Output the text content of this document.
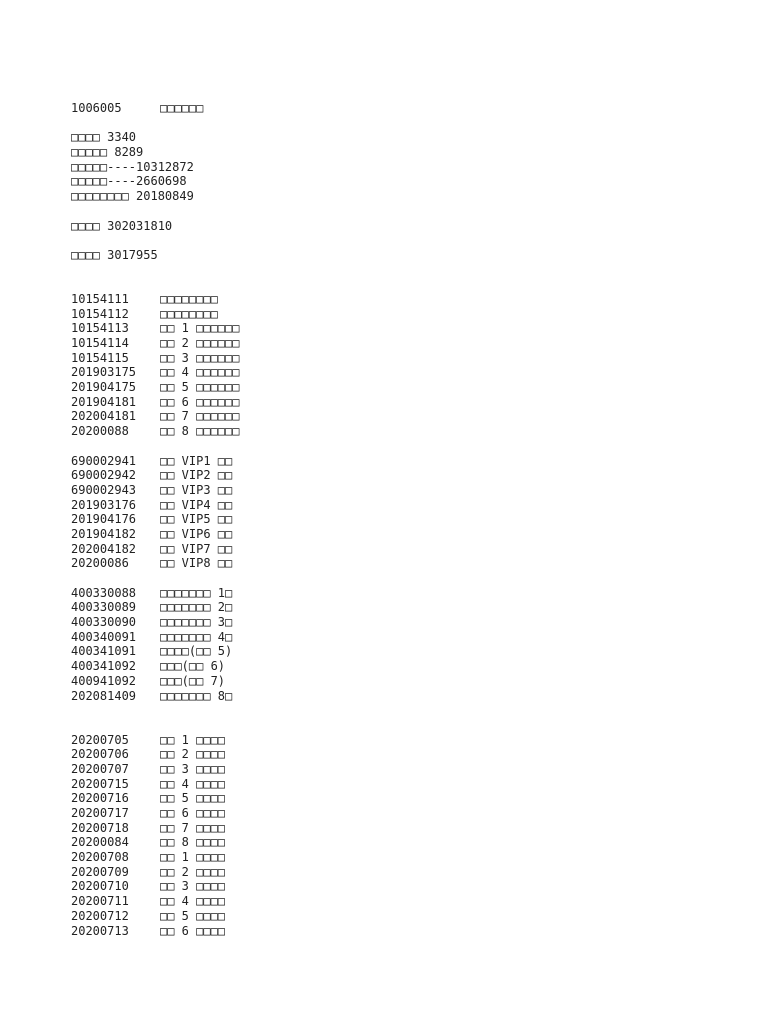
1006005	□□□□□□
□□□□ 3340
□□□□□ 8289
□□□□□----10312872
□□□□□----2660698
□□□□□□□□ 20180849
□□□□ 302031810
□□□□ 3017955
10154111	□□□□□□□□
10154112	□□□□□□□□
10154113	□□ 1 □□□□□□
10154114	□□ 2 □□□□□□
10154115	□□ 3 □□□□□□
201903175	□□ 4 □□□□□□
201904175	□□ 5 □□□□□□
201904181	□□ 6 □□□□□□
202004181	□□ 7 □□□□□□
20200088	□□ 8 □□□□□□
690002941	□□ VIP1 □□
690002942	□□ VIP2 □□
690002943	□□ VIP3 □□
201903176	□□ VIP4 □□
201904176	□□ VIP5 □□
201904182	□□ VIP6 □□
202004182	□□ VIP7 □□
20200086	□□ VIP8 □□
400330088	□□□□□□□ 1□
400330089	□□□□□□□ 2□
400330090	□□□□□□□ 3□
400340091	□□□□□□□ 4□
400341091	□□□□(□□ 5)
400341092	□□□(□□ 6)
400941092	□□□(□□ 7)
202081409	□□□□□□□ 8□
20200705	□□ 1 □□□□
20200706	□□ 2 □□□□
20200707	□□ 3 □□□□
20200715	□□ 4 □□□□
20200716	□□ 5 □□□□
20200717	□□ 6 □□□□
20200718	□□ 7 □□□□
20200084	□□ 8 □□□□
20200708	□□ 1 □□□□
20200709	□□ 2 □□□□
20200710	□□ 3 □□□□
20200711	□□ 4 □□□□
20200712	□□ 5 □□□□
20200713	□□ 6 □□□□
